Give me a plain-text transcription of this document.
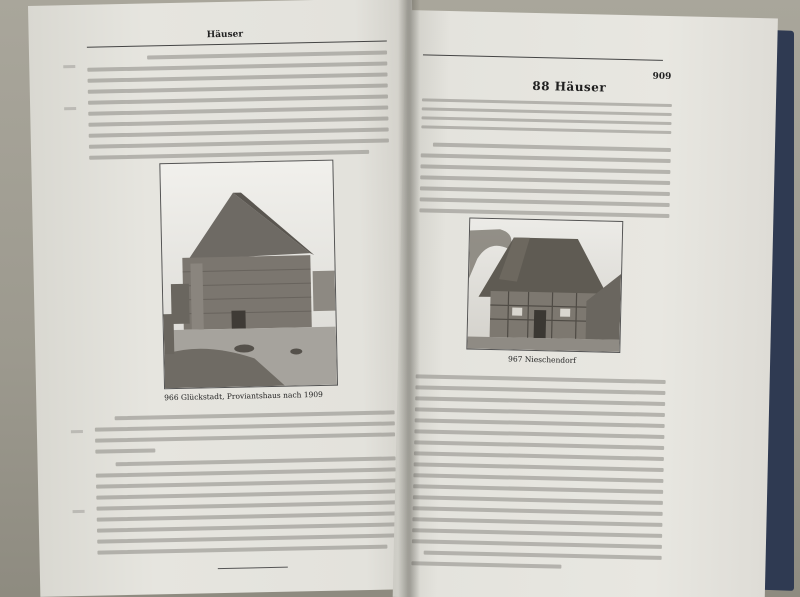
Häuser
966 Glückstadt, Proviantshaus nach 1909
909
88 Häuser
967 Nieschendorf
